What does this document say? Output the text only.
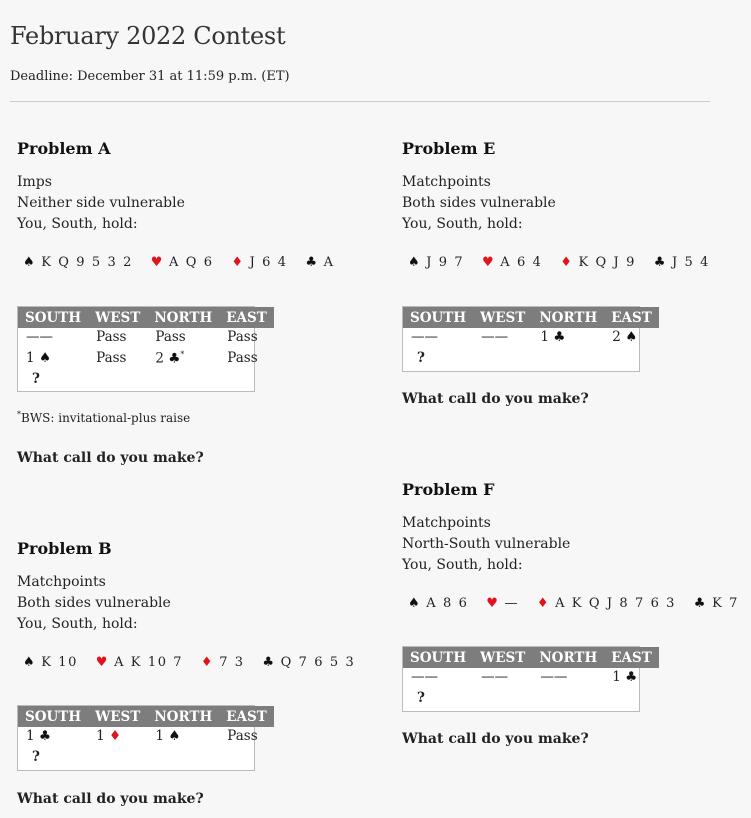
February 2022 Contest
Deadline: December 31 at 11:59 p.m. (ET)
Problem A
Imps
Neither side vulnerable
You, South, hold:
♠ K Q 9 5 3 2 ♥ A Q 6 ♦ J 6 4 ♣ A
SOUTH	WEST	NORTH	EAST
——	Pass	Pass	Pass
1 ♠	Pass	2 ♣*	Pass
?			
*BWS: invitational-plus raise
What call do you make?
Problem B
Matchpoints
Both sides vulnerable
You, South, hold:
♠ K 10 ♥ A K 10 7 ♦ 7 3 ♣ Q 7 6 5 3
SOUTH	WEST	NORTH	EAST
1 ♣	1 ♦	1 ♠	Pass
?			
What call do you make?
Problem E
Matchpoints
Both sides vulnerable
You, South, hold:
♠ J 9 7 ♥ A 6 4 ♦ K Q J 9 ♣ J 5 4
SOUTH	WEST	NORTH	EAST
——	——	1 ♣	2 ♠
?			
What call do you make?
Problem F
Matchpoints
North-South vulnerable
You, South, hold:
♠ A 8 6 ♥ — ♦ A K Q J 8 7 6 3 ♣ K 7
SOUTH	WEST	NORTH	EAST
——	——	——	1 ♣
?			
What call do you make?
